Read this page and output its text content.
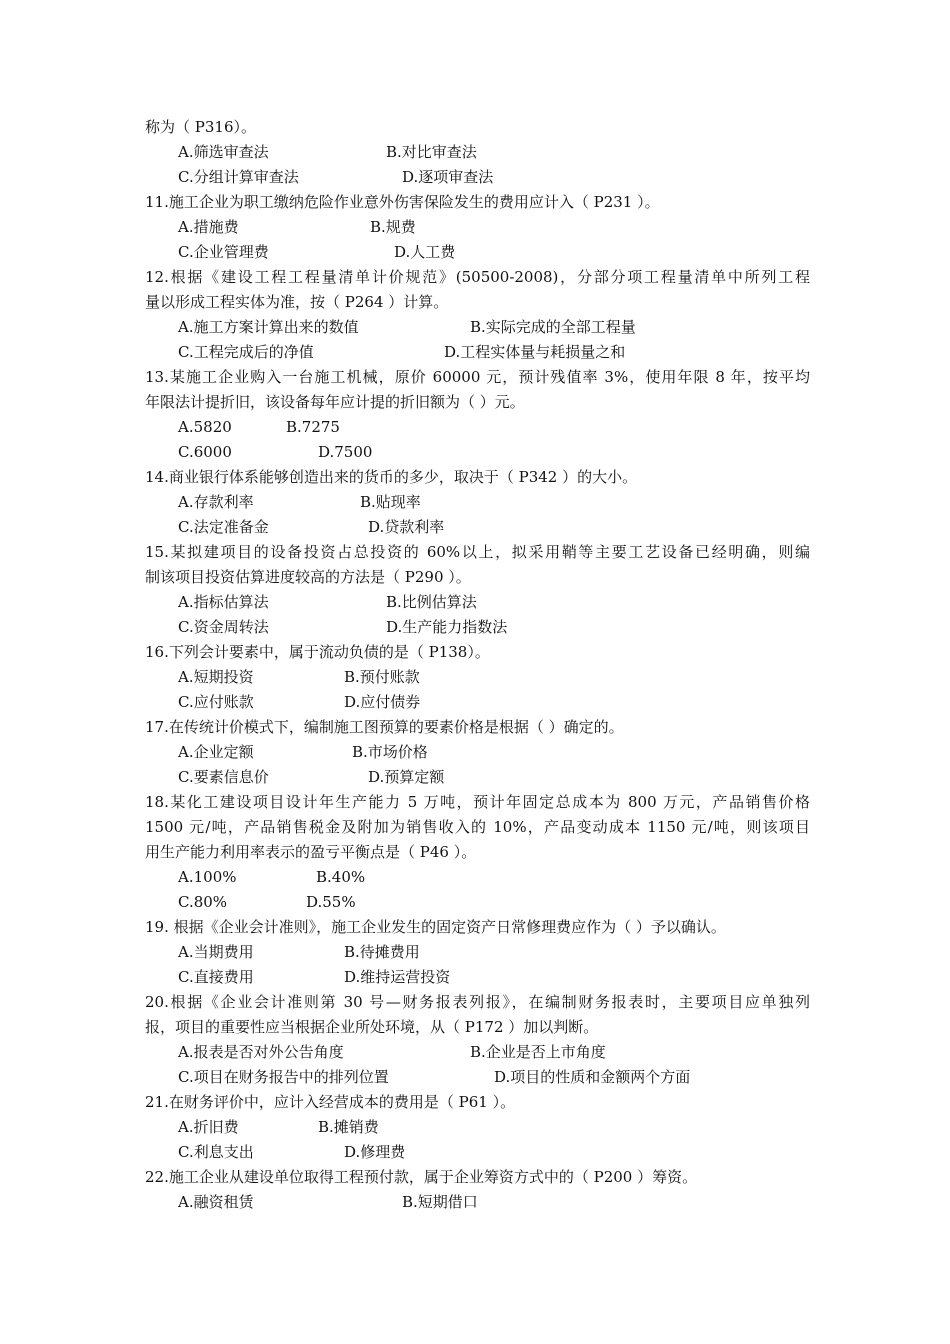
称为（ P316）。
A.筛选审查法	B.对比审查法
C.分组计算审查法	D.逐项审查法
11.施工企业为职工缴纳危险作业意外伤害保险发生的费用应计入（ P231 ）。
A.措施费	B.规费
C.企业管理费	D.人工费
12.根据《建设工程工程量清单计价规范》(50500-2008)，分部分项工程量清单中所列工程
量以形成工程实体为准，按（ P264 ）计算。
A.施工方案计算出来的数值	B.实际完成的全部工程量
C.工程完成后的净值	D.工程实体量与耗损量之和
13.某施工企业购入一台施工机械，原价 60000 元，预计残值率 3%，使用年限 8 年，按平均
年限法计提折旧，该设备每年应计提的折旧额为（ ）元。
A.5820	B.7275
C.6000	D.7500
14.商业银行体系能够创造出来的货币的多少，取决于（ P342 ）的大小。
A.存款利率	B.贴现率
C.法定准备金	D.贷款利率
15.某拟建项目的设备投资占总投资的 60%以上，拟采用鞘等主要工艺设备已经明确，则编
制该项目投资估算进度较高的方法是（ P290 ）。
A.指标估算法	B.比例估算法
C.资金周转法	D.生产能力指数法
16.下列会计要素中，属于流动负债的是（ P138）。
A.短期投资	B.预付账款
C.应付账款	D.应付债券
17.在传统计价模式下，编制施工图预算的要素价格是根据（ ）确定的。
A.企业定额	B.市场价格
C.要素信息价	D.预算定额
18.某化工建设项目设计年生产能力 5 万吨，预计年固定总成本为 800 万元，产品销售价格
1500 元/吨，产品销售税金及附加为销售收入的 10%，产品变动成本 1150 元/吨，则该项目
用生产能力利用率表示的盈亏平衡点是（ P46 ）。
A.100%	B.40%
C.80%	D.55%
19. 根据《企业会计准则》，施工企业发生的固定资产日常修理费应作为（ ）予以确认。
A.当期费用	B.待摊费用
C.直接费用	D.维持运营投资
20.根据《企业会计准则第 30 号—财务报表列报》，在编制财务报表时，主要项目应单独列
报，项目的重要性应当根据企业所处环境，从（ P172 ）加以判断。
A.报表是否对外公告角度	B.企业是否上市角度
C.项目在财务报告中的排列位置	D.项目的性质和金额两个方面
21.在财务评价中，应计入经营成本的费用是（ P61 ）。
A.折旧费	B.摊销费
C.利息支出	D.修理费
22.施工企业从建设单位取得工程预付款，属于企业筹资方式中的（ P200 ）筹资。
A.融资租赁	B.短期借口
